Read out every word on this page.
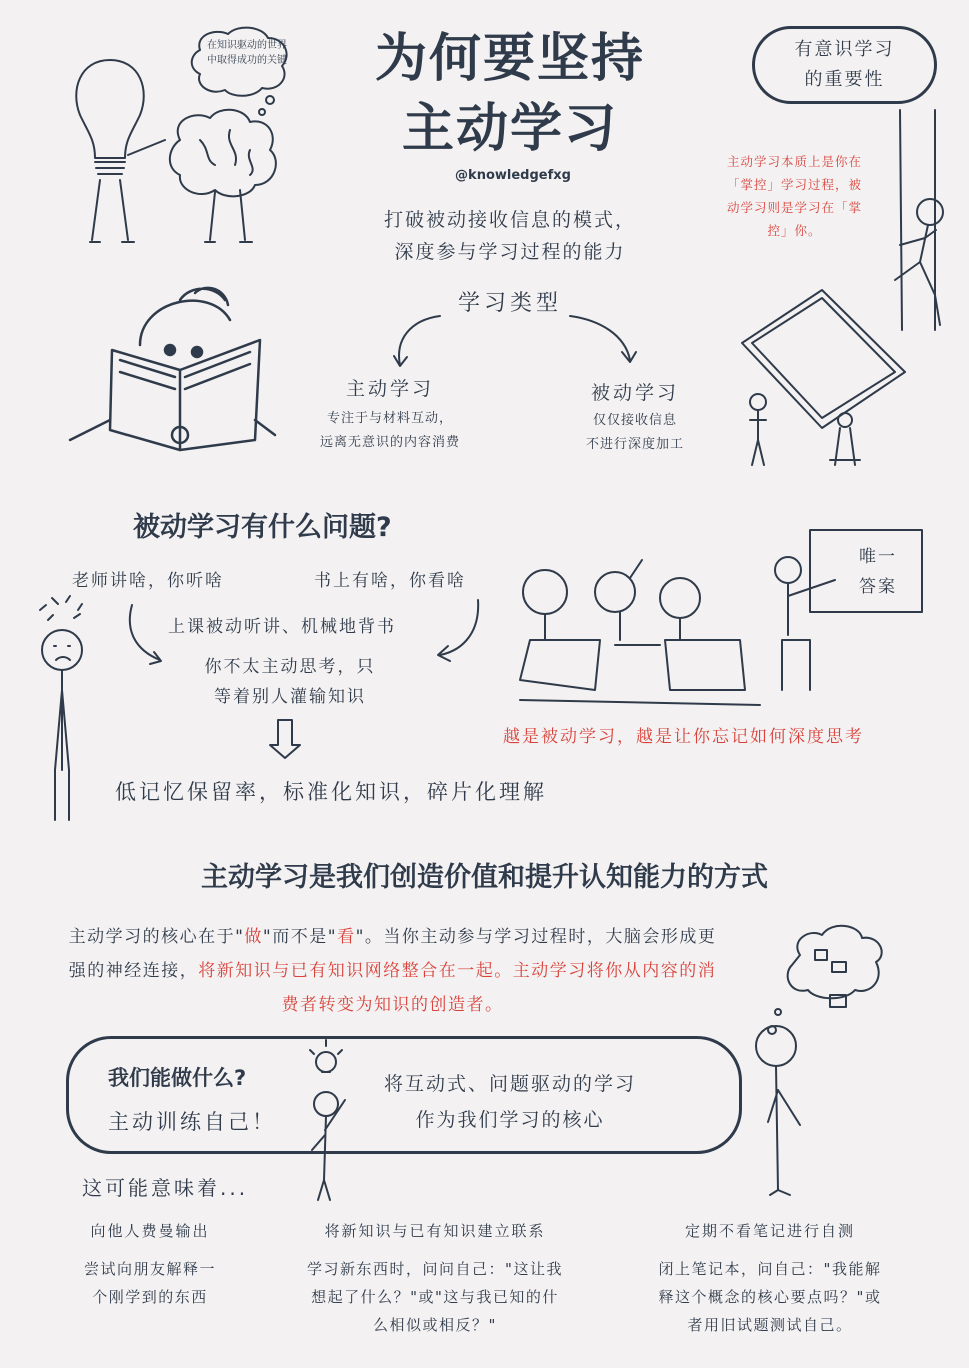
为何要坚持
主动学习
@knowledgefxg
打破被动接收信息的模式，
深度参与学习过程的能力
在知识驱动的世界中取得成功的关键
有意识学习的重要性
主动学习本质上是你在「掌控」学习过程，被动学习则是学习在「掌控」你。
学习类型
主动学习
专注于与材料互动，
远离无意识的内容消费
被动学习
仅仅接收信息
不进行深度加工
被动学习有什么问题?
老师讲啥，你听啥	书上有啥，你看啥
上课被动听讲、机械地背书
你不太主动思考，只
等着别人灌输知识
低记忆保留率，标准化知识，碎片化理解
越是被动学习，越是让你忘记如何深度思考
唯一
答案
主动学习是我们创造价值和提升认知能力的方式
主动学习的核心在于"做"而不是"看"。当你主动参与学习过程时，大脑会形成更强的神经连接，将新知识与已有知识网络整合在一起。主动学习将你从内容的消费者转变为知识的创造者。
我们能做什么?
主动训练自己！
将互动式、问题驱动的学习
作为我们学习的核心
这可能意味着...
向他人费曼输出
尝试向朋友解释一
个刚学到的东西
将新知识与已有知识建立联系
学习新东西时，问问自己："这让我
想起了什么？"或"这与我已知的什
么相似或相反？"
定期不看笔记进行自测
闭上笔记本，问自己："我能解
释这个概念的核心要点吗？"或
者用旧试题测试自己。
